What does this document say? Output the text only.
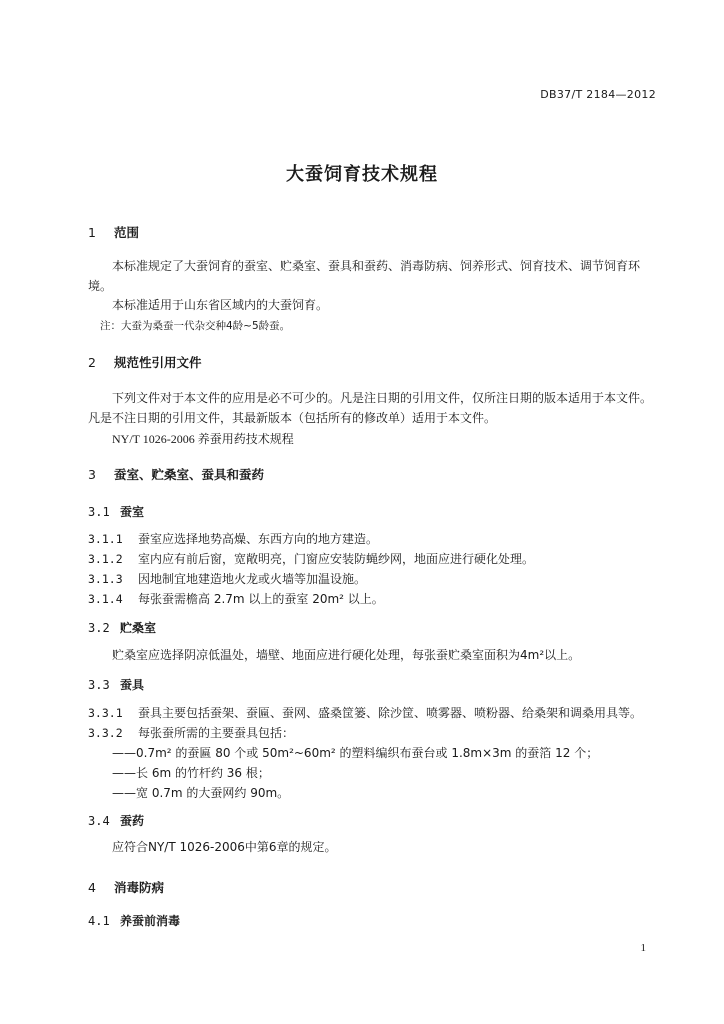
DB37/T 2184—2012
大蚕饲育技术规程
1 范围
本标准规定了大蚕饲育的蚕室、贮桑室、蚕具和蚕药、消毒防病、饲养形式、饲育技术、调节饲育环境。
本标准适用于山东省区域内的大蚕饲育。
注：大蚕为桑蚕一代杂交种4龄~5龄蚕。
2 规范性引用文件
下列文件对于本文件的应用是必不可少的。凡是注日期的引用文件，仅所注日期的版本适用于本文件。凡是不注日期的引用文件，其最新版本（包括所有的修改单）适用于本文件。
NY/T 1026-2006 养蚕用药技术规程
3 蚕室、贮桑室、蚕具和蚕药
3.1 蚕室
3.1.1 蚕室应选择地势高燥、东西方向的地方建造。
3.1.2 室内应有前后窗，宽敞明亮，门窗应安装防蝇纱网，地面应进行硬化处理。
3.1.3 因地制宜地建造地火龙或火墙等加温设施。
3.1.4 每张蚕需檐高 2.7m 以上的蚕室 20m² 以上。
3.2 贮桑室
贮桑室应选择阴凉低温处，墙壁、地面应进行硬化处理，每张蚕贮桑室面积为4m²以上。
3.3 蚕具
3.3.1 蚕具主要包括蚕架、蚕匾、蚕网、盛桑筐篓、除沙筐、喷雾器、喷粉器、给桑架和调桑用具等。
3.3.2 每张蚕所需的主要蚕具包括：
——0.7m² 的蚕匾 80 个或 50m²~60m² 的塑料编织布蚕台或 1.8m×3m 的蚕箔 12 个；
——长 6m 的竹杆约 36 根；
——宽 0.7m 的大蚕网约 90m。
3.4 蚕药
应符合NY/T 1026-2006中第6章的规定。
4 消毒防病
4.1 养蚕前消毒
1
